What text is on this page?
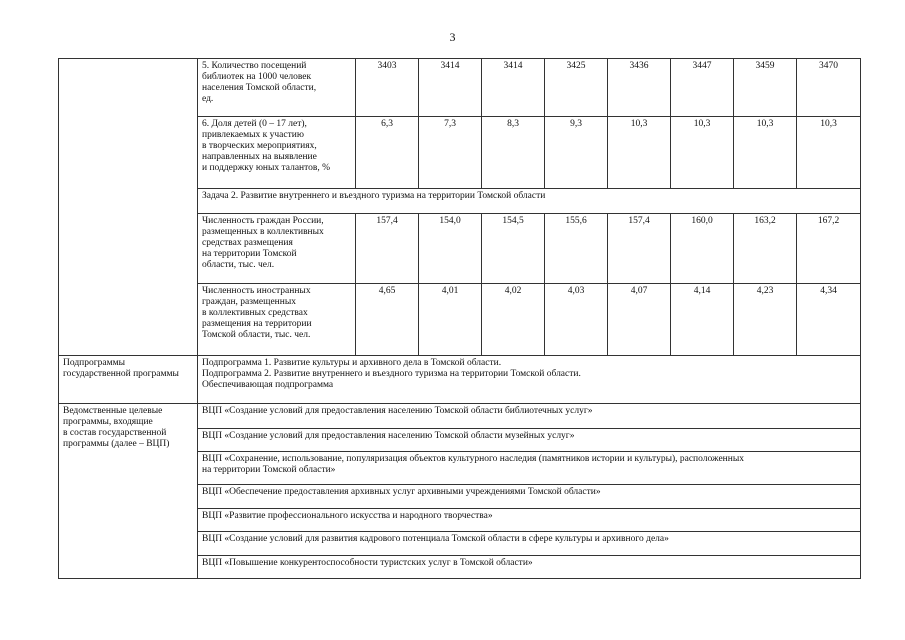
3

	5. Количество посещений
библиотек на 1000 человек
населения Томской области,
ед.	3403	3414	3414	3425	3436	3447	3459	3470

	6. Доля детей (0 – 17 лет),
привлекаемых к участию
в творческих мероприятиях,
направленных на выявление
и поддержку юных талантов, %	6,3	7,3	8,3	9,3	10,3	10,3	10,3	10,3
	Задача 2. Развитие внутреннего и въездного туризма на территории Томской области								

	Численность граждан России,
размещенных в коллективных
средствах размещения
на территории Томской
области, тыс. чел.	157,4	154,0	154,5	155,6	157,4	160,0	163,2	167,2

	Численность иностранных
граждан, размещенных
в коллективных средствах
размещения на территории
Томской области, тыс. чел.	4,65	4,01	4,02	4,03	4,07	4,14	4,23	4,34

Подпрограммы
государственной программы	Подпрограмма 1. Развитие культуры и архивного дела в Томской области.
Подпрограмма 2. Развитие внутреннего и въездного туризма на территории Томской области.
Обеспечивающая подпрограмма								

Ведомственные целевые
программы, входящие
в состав государственной
программы (далее – ВЦП)	ВЦП «Создание условий для предоставления населению Томской области библиотечных услуг»								
	ВЦП «Создание условий для предоставления населению Томской области музейных услуг»								

	ВЦП «Сохранение, использование, популяризация объектов культурного наследия (памятников истории и культуры), расположенных
на территории Томской области»								

	ВЦП «Обеспечение предоставления архивных услуг архивными учреждениями Томской области»								
	ВЦП «Развитие профессионального искусства и народного творчества»								
	ВЦП «Создание условий для развития кадрового потенциала Томской области в сфере культуры и архивного дела»								
	ВЦП «Повышение конкурентоспособности туристских услуг в Томской области»								
